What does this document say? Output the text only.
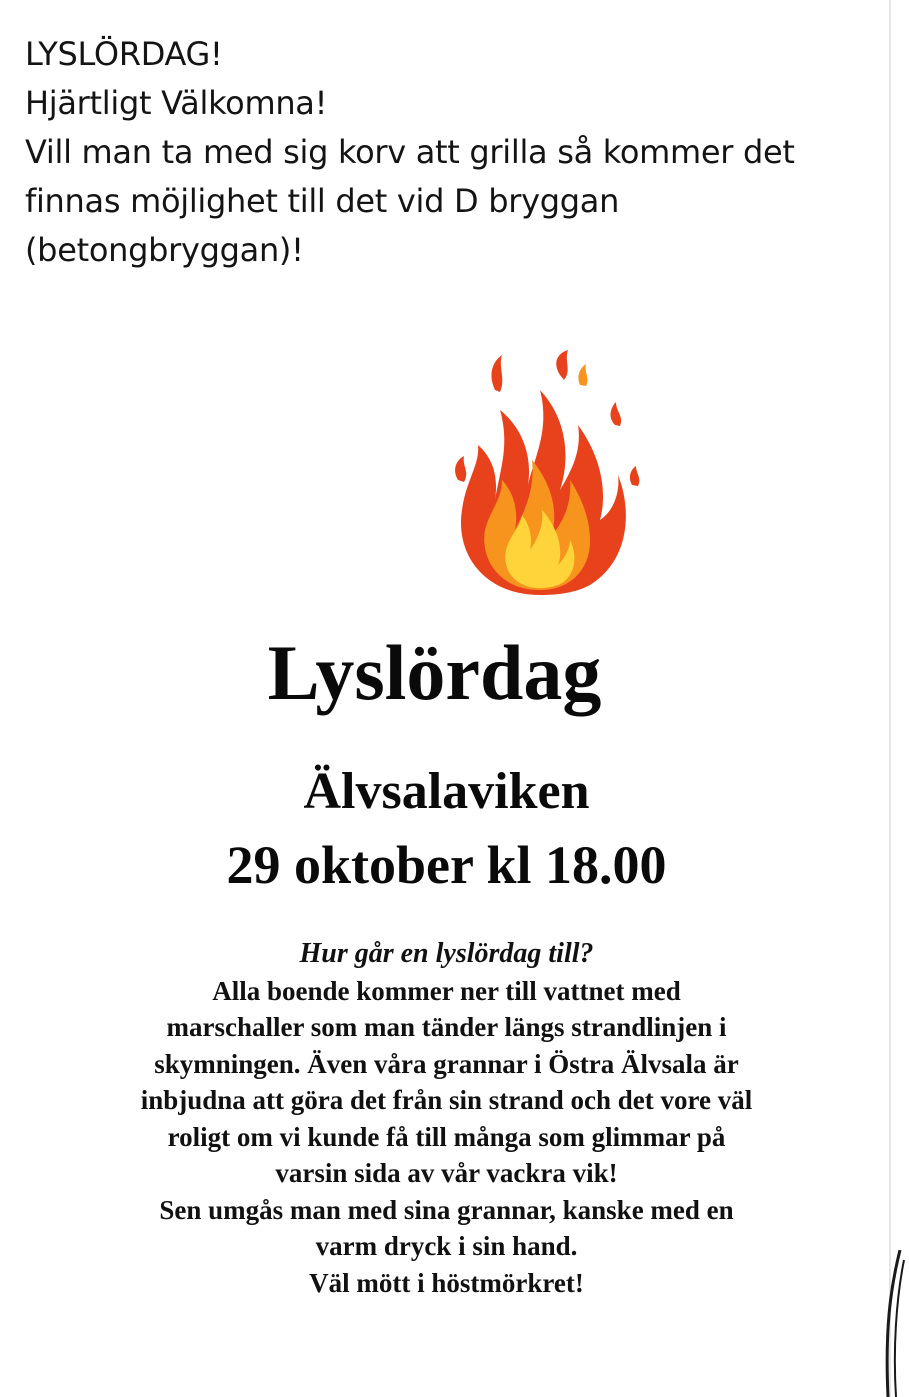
LYSLÖRDAG!
Hjärtligt Välkomna!
Vill man ta med sig korv att grilla så kommer det
finnas möjlighet till det vid D bryggan
(betongbryggan)!
Lyslördag
Älvsalaviken
29 oktober kl 18.00
Hur går en lyslördag till?
Alla boende kommer ner till vattnet med
marschaller som man tänder längs strandlinjen i
skymningen. Även våra grannar i Östra Älvsala är
inbjudna att göra det från sin strand och det vore väl
roligt om vi kunde få till många som glimmar på
varsin sida av vår vackra vik!
Sen umgås man med sina grannar, kanske med en
varm dryck i sin hand.
Väl mött i höstmörkret!
